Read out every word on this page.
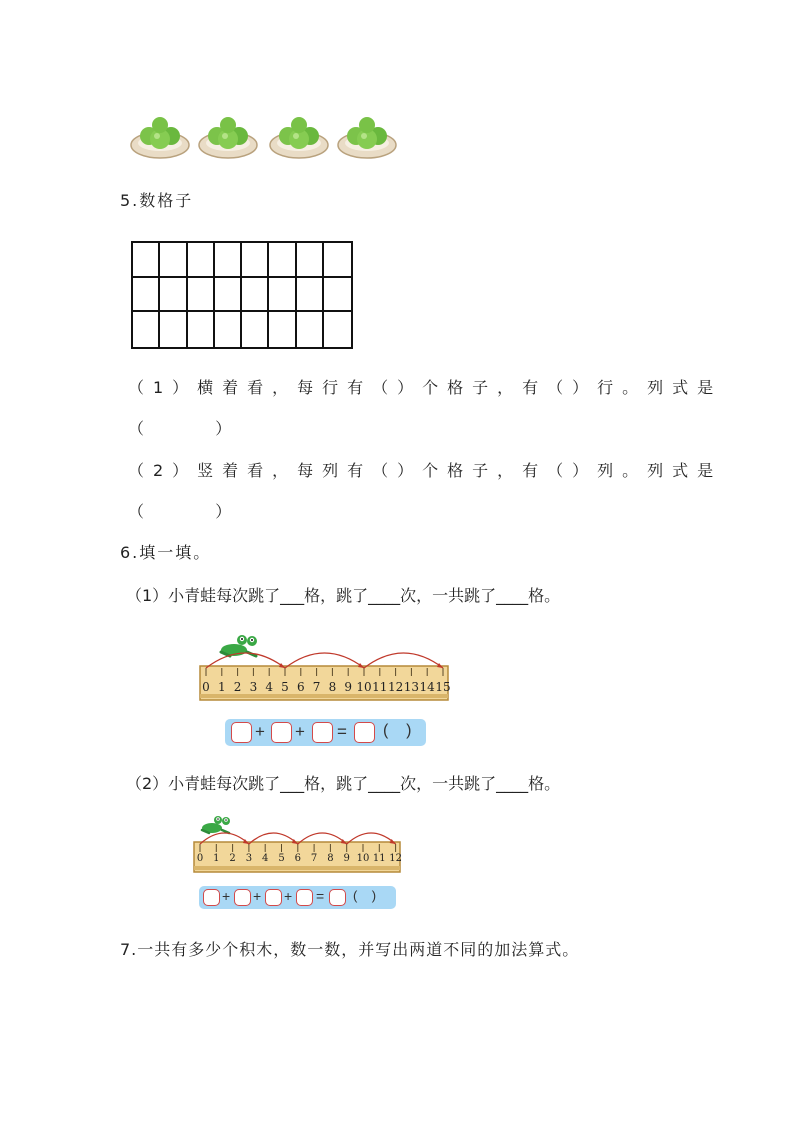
5.数格子
（1）横着看，每行有（）个格子，有（）行。列式是
（              ）
（2）竖着看，每列有（）个格子，有（）列。列式是
（              ）
6.填一填。
（1）小青蛙每次跳了___格，跳了____次，一共跳了____格。
0 1 2 3 4 5 6 7 8 9 10 11 12 13 14 15
+ + = (    )
（2）小青蛙每次跳了___格，跳了____次，一共跳了____格。
0 1 2 3 4 5 6 7 8 9 10 11 12
+ + + = (    )
7.一共有多少个积木，数一数，并写出两道不同的加法算式。
